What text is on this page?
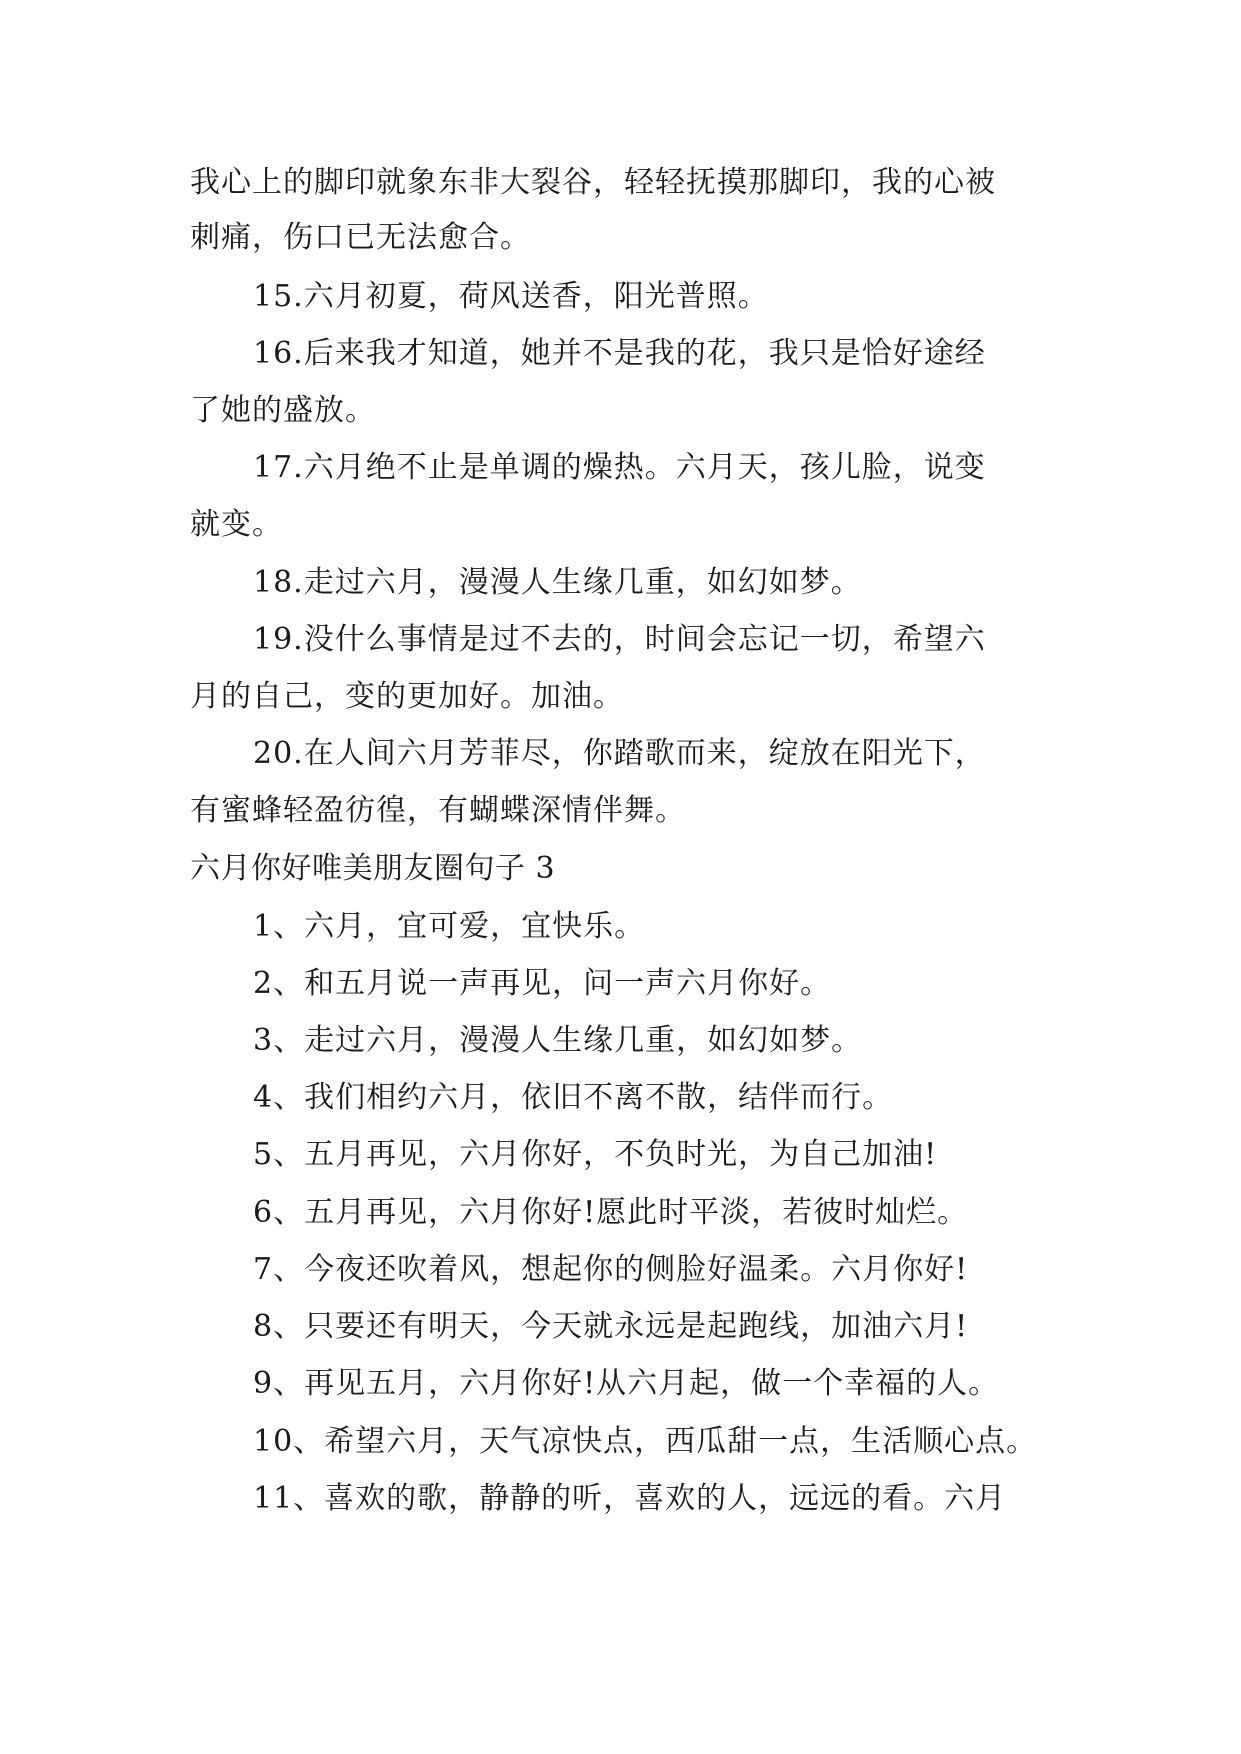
我心上的脚印就象东非大裂谷，轻轻抚摸那脚印，我的心被
刺痛，伤口已无法愈合。
15.六月初夏，荷风送香，阳光普照。
16.后来我才知道，她并不是我的花，我只是恰好途经
了她的盛放。
17.六月绝不止是单调的燥热。六月天，孩儿脸，说变
就变。
18.走过六月，漫漫人生缘几重，如幻如梦。
19.没什么事情是过不去的，时间会忘记一切，希望六
月的自己，变的更加好。加油。
20.在人间六月芳菲尽，你踏歌而来，绽放在阳光下，
有蜜蜂轻盈彷徨，有蝴蝶深情伴舞。
六月你好唯美朋友圈句子 3
1、六月，宜可爱，宜快乐。
2、和五月说一声再见，问一声六月你好。
3、走过六月，漫漫人生缘几重，如幻如梦。
4、我们相约六月，依旧不离不散，结伴而行。
5、五月再见，六月你好，不负时光，为自己加油!
6、五月再见，六月你好!愿此时平淡，若彼时灿烂。
7、今夜还吹着风，想起你的侧脸好温柔。六月你好!
8、只要还有明天，今天就永远是起跑线，加油六月!
9、再见五月，六月你好!从六月起，做一个幸福的人。
10、希望六月，天气凉快点，西瓜甜一点，生活顺心点。
11、喜欢的歌，静静的听，喜欢的人，远远的看。六月
